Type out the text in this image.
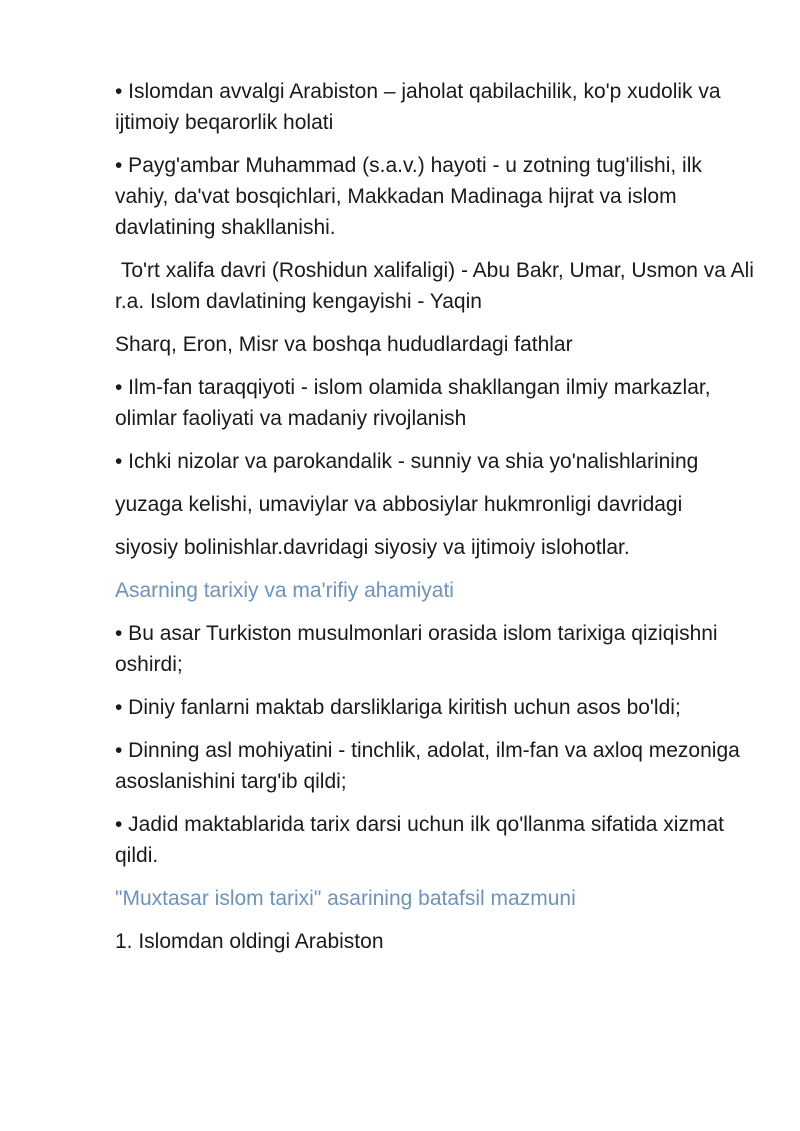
• Islomdan avvalgi Arabiston – jaholat qabilachilik, ko'p xudolik va ijtimoiy beqarorlik holati

• Payg'ambar Muhammad (s.a.v.) hayoti - u zotning tug'ilishi, ilk vahiy, da'vat bosqichlari, Makkadan Madinaga hijrat va islom davlatining shakllanishi.

To'rt xalifa davri (Roshidun xalifaligi) - Abu Bakr, Umar, Usmon va Ali r.a. Islom davlatining kengayishi - Yaqin

Sharq, Eron, Misr va boshqa hududlardagi fathlar

• Ilm-fan taraqqiyoti - islom olamida shakllangan ilmiy markazlar, olimlar faoliyati va madaniy rivojlanish

• Ichki nizolar va parokandalik - sunniy va shia yo'nalishlarining

yuzaga kelishi, umaviylar va abbosiylar hukmronligi davridagi

siyosiy bolinishlar.davridagi siyosiy va ijtimoiy islohotlar.

Asarning tarixiy va ma'rifiy ahamiyati

• Bu asar Turkiston musulmonlari orasida islom tarixiga qiziqishni oshirdi;

• Diniy fanlarni maktab darsliklariga kiritish uchun asos bo'ldi;

• Dinning asl mohiyatini - tinchlik, adolat, ilm-fan va axloq mezoniga asoslanishini targ'ib qildi;

• Jadid maktablarida tarix darsi uchun ilk qo'llanma sifatida xizmat qildi.

"Muxtasar islom tarixi" asarining batafsil mazmuni

1. Islomdan oldingi Arabiston
